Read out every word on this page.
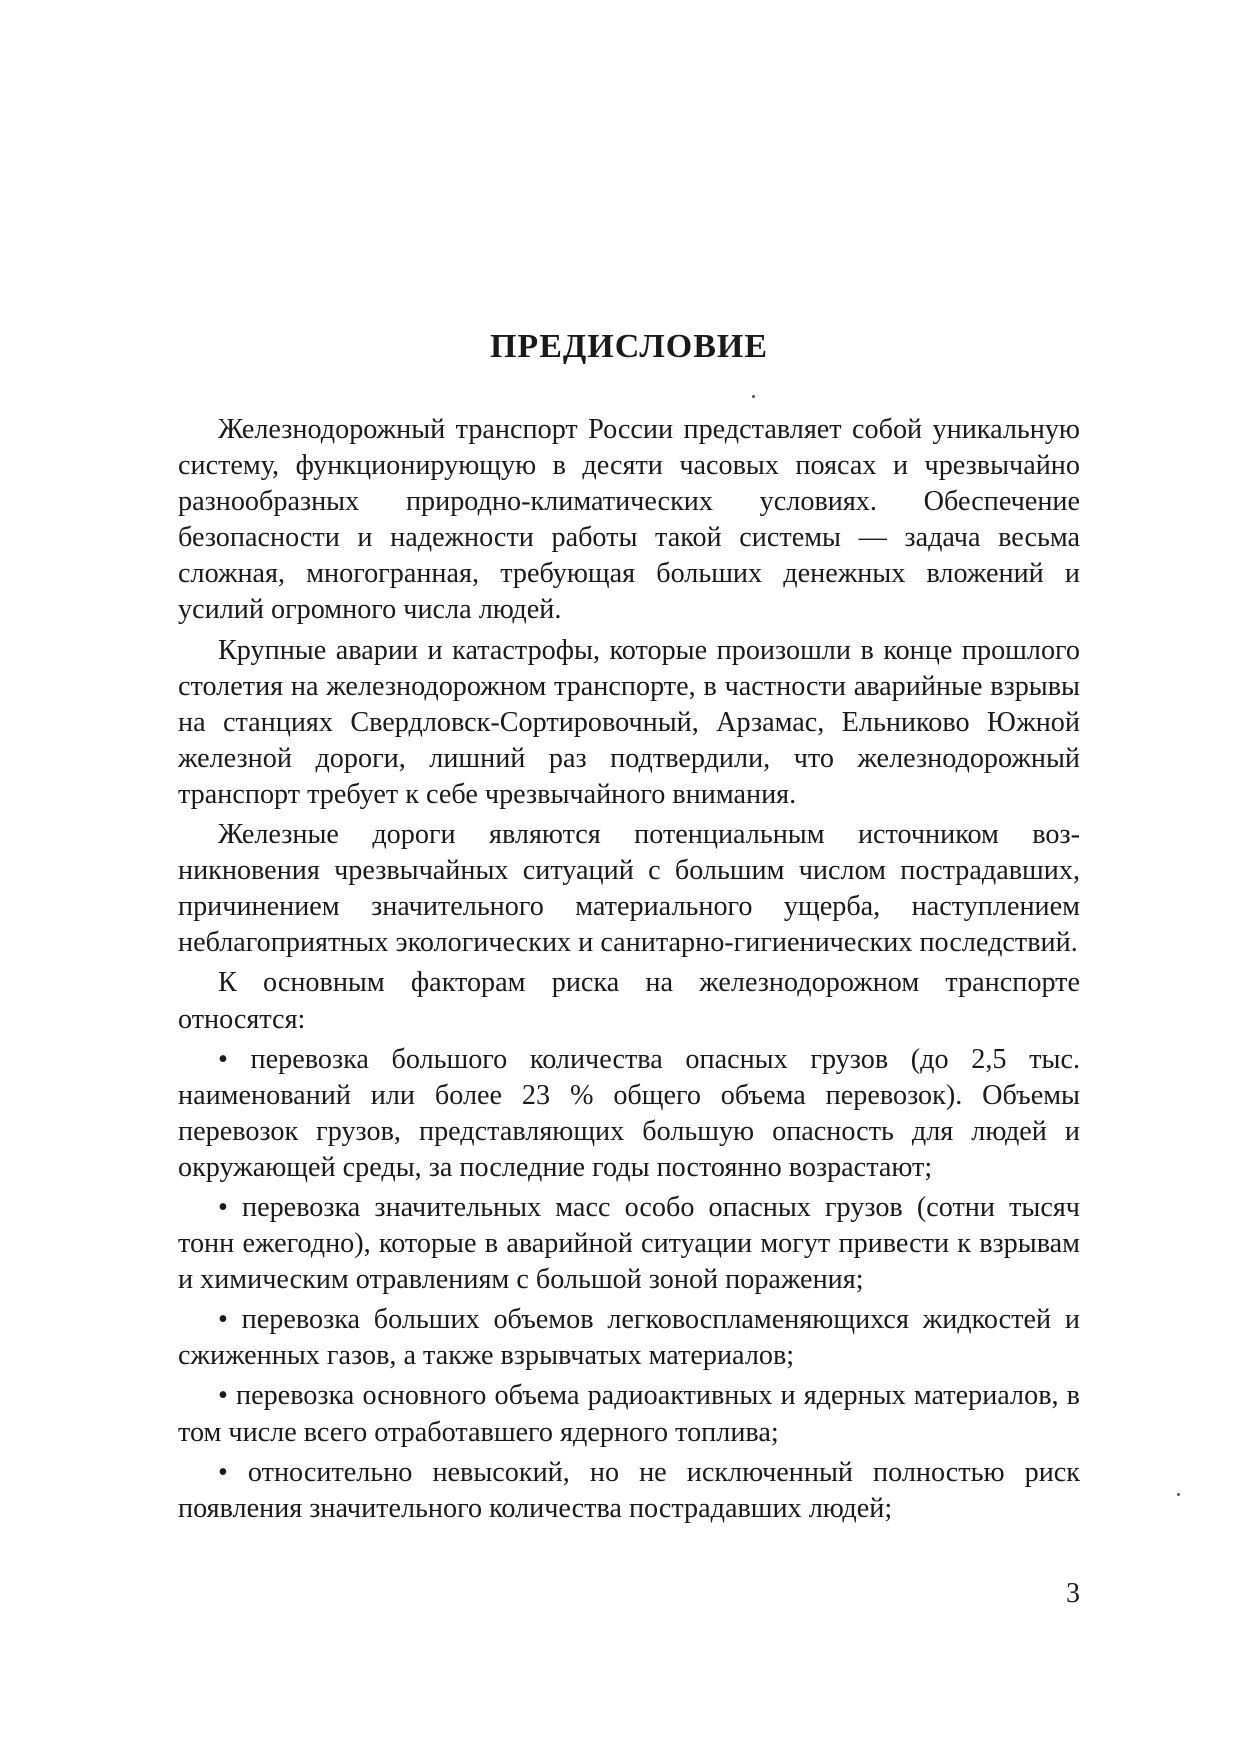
ПРЕДИСЛОВИЕ

Железнодорожный транспорт России представляет собой уникальную систему, функционирующую в десяти часовых поясах и чрезвычайно разнообразных природно-климатических условиях. Обеспечение безопасности и надежности работы такой системы — задача весьма сложная, многогранная, требующая больших денежных вложений и усилий огромного числа людей.

Крупные аварии и катастрофы, которые произошли в конце прошлого столетия на железнодорожном транспорте, в частности аварийные взрывы на станциях Свердловск-Сортировочный, Арзамас, Ельниково Южной железной дороги, лишний раз подтвердили, что железнодорожный транспорт требует к себе чрезвычайного внимания.

Железные дороги являются потенциальным источником возникновения чрезвычайных ситуаций с большим числом пострадавших, причинением значительного материального ущерба, наступлением неблагоприятных экологических и санитарно-гигиенических последствий.

К основным факторам риска на железнодорожном транспорте относятся:

• перевозка большого количества опасных грузов (до 2,5 тыс. наименований или более 23 % общего объема перевозок). Объемы перевозок грузов, представляющих большую опасность для людей и окружающей среды, за последние годы постоянно возрастают;

• перевозка значительных масс особо опасных грузов (сотни тысяч тонн ежегодно), которые в аварийной ситуации могут привести к взрывам и химическим отравлениям с большой зоной поражения;

• перевозка больших объемов легковоспламеняющихся жидкостей и сжиженных газов, а также взрывчатых материалов;

• перевозка основного объема радиоактивных и ядерных материалов, в том числе всего отработавшего ядерного топлива;

• относительно невысокий, но не исключенный полностью риск появления значительного количества пострадавших людей;

3
